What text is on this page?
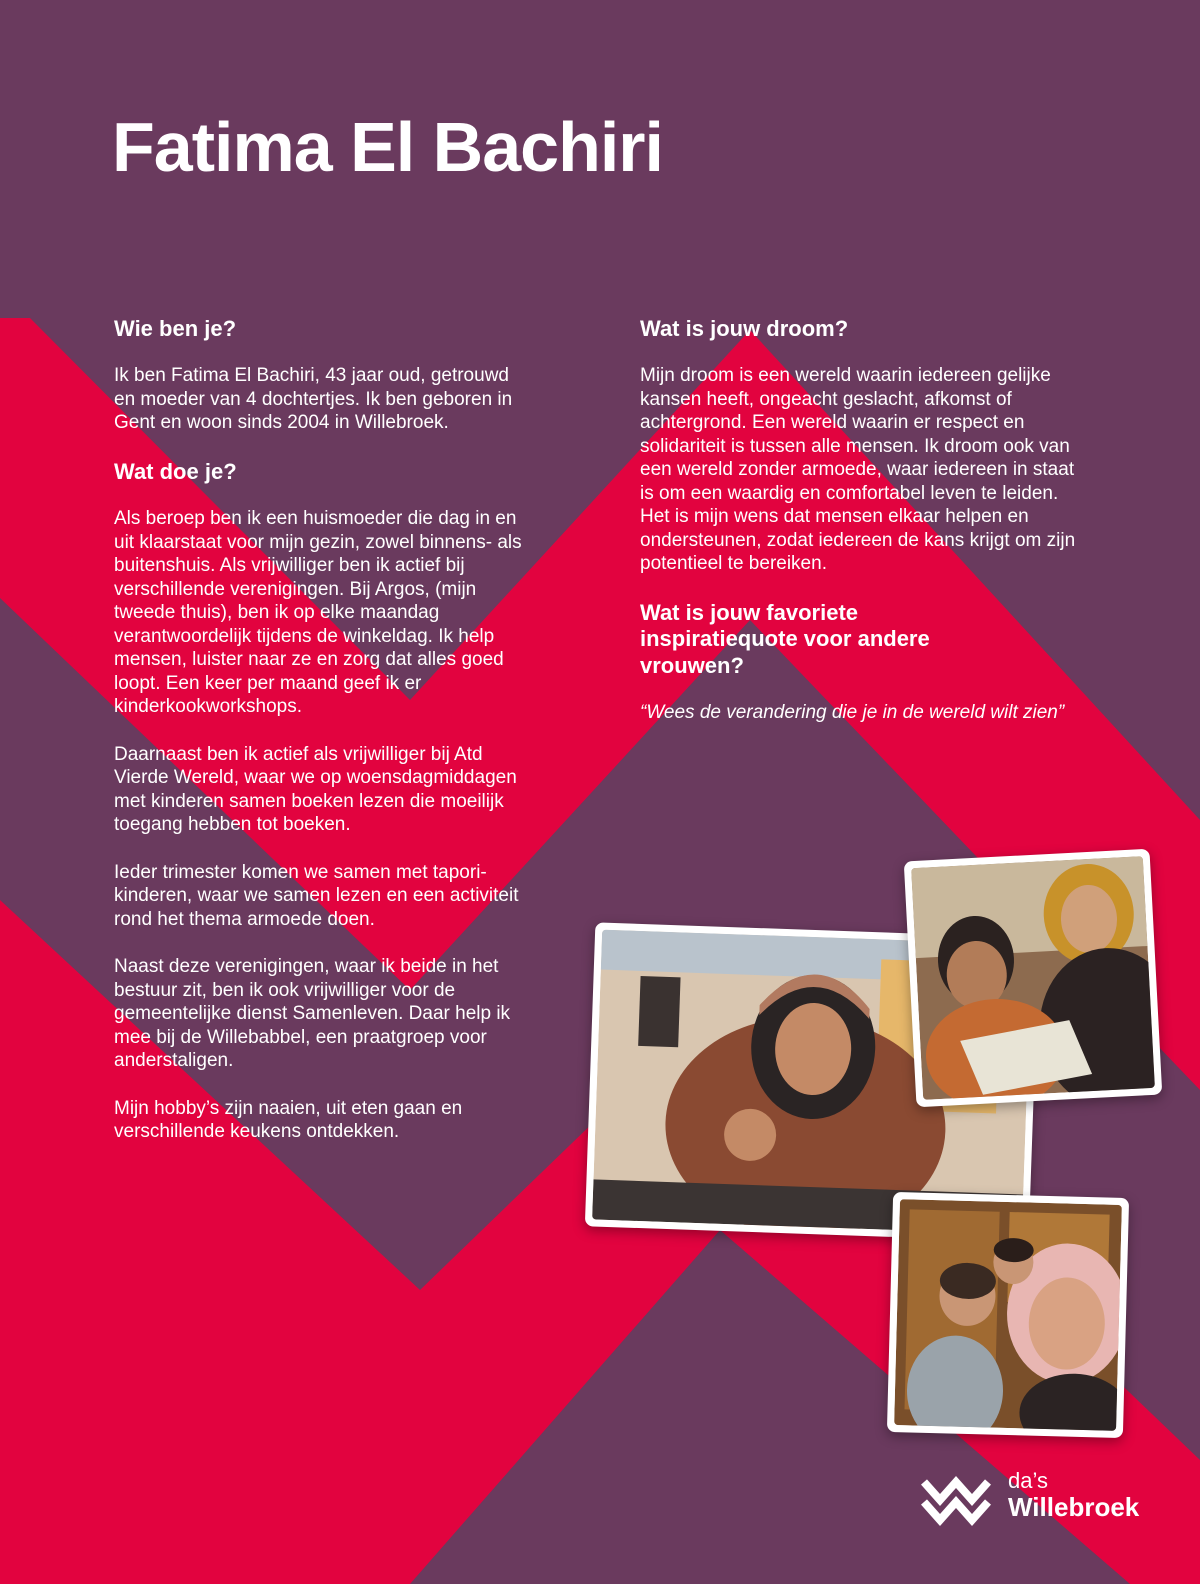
Fatima El Bachiri
Wie ben je?

Ik ben Fatima El Bachiri, 43 jaar oud, getrouwd en moeder van 4 dochtertjes. Ik ben geboren in Gent en woon sinds 2004 in Willebroek.

Wat doe je?

Als beroep ben ik een huismoeder die dag in en uit klaarstaat voor mijn gezin, zowel binnens- als buitenshuis. Als vrijwilliger ben ik actief bij verschillende verenigingen. Bij Argos, (mijn tweede thuis), ben ik op elke maandag verantwoordelijk tijdens de winkeldag. Ik help mensen, luister naar ze en zorg dat alles goed loopt. Een keer per maand geef ik er kinderkookworkshops.

Daarnaast ben ik actief als vrijwilliger bij Atd Vierde Wereld, waar we op woensdagmiddagen met kinderen samen boeken lezen die moeilijk toegang hebben tot boeken.

Ieder trimester komen we samen met tapori-kinderen, waar we samen lezen en een activiteit rond het thema armoede doen.

Naast deze verenigingen, waar ik beide in het bestuur zit, ben ik ook vrijwilliger voor de gemeentelijke dienst Samenleven. Daar help ik mee bij de Willebabbel, een praatgroep voor anderstaligen.

Mijn hobby’s zijn naaien, uit eten gaan en verschillende keukens ontdekken.

Wat is jouw droom?

Mijn droom is een wereld waarin iedereen gelijke kansen heeft, ongeacht geslacht, afkomst of achtergrond. Een wereld waarin er respect en solidariteit is tussen alle mensen. Ik droom ook van een wereld zonder armoede, waar iedereen in staat is om een waardig en comfortabel leven te leiden. Het is mijn wens dat mensen elkaar helpen en ondersteunen, zodat iedereen de kans krijgt om zijn potentieel te bereiken.

Wat is jouw favoriete inspiratiequote voor andere vrouwen?

“Wees de verandering die je in de wereld wilt zien”

da’s
Willebroek
